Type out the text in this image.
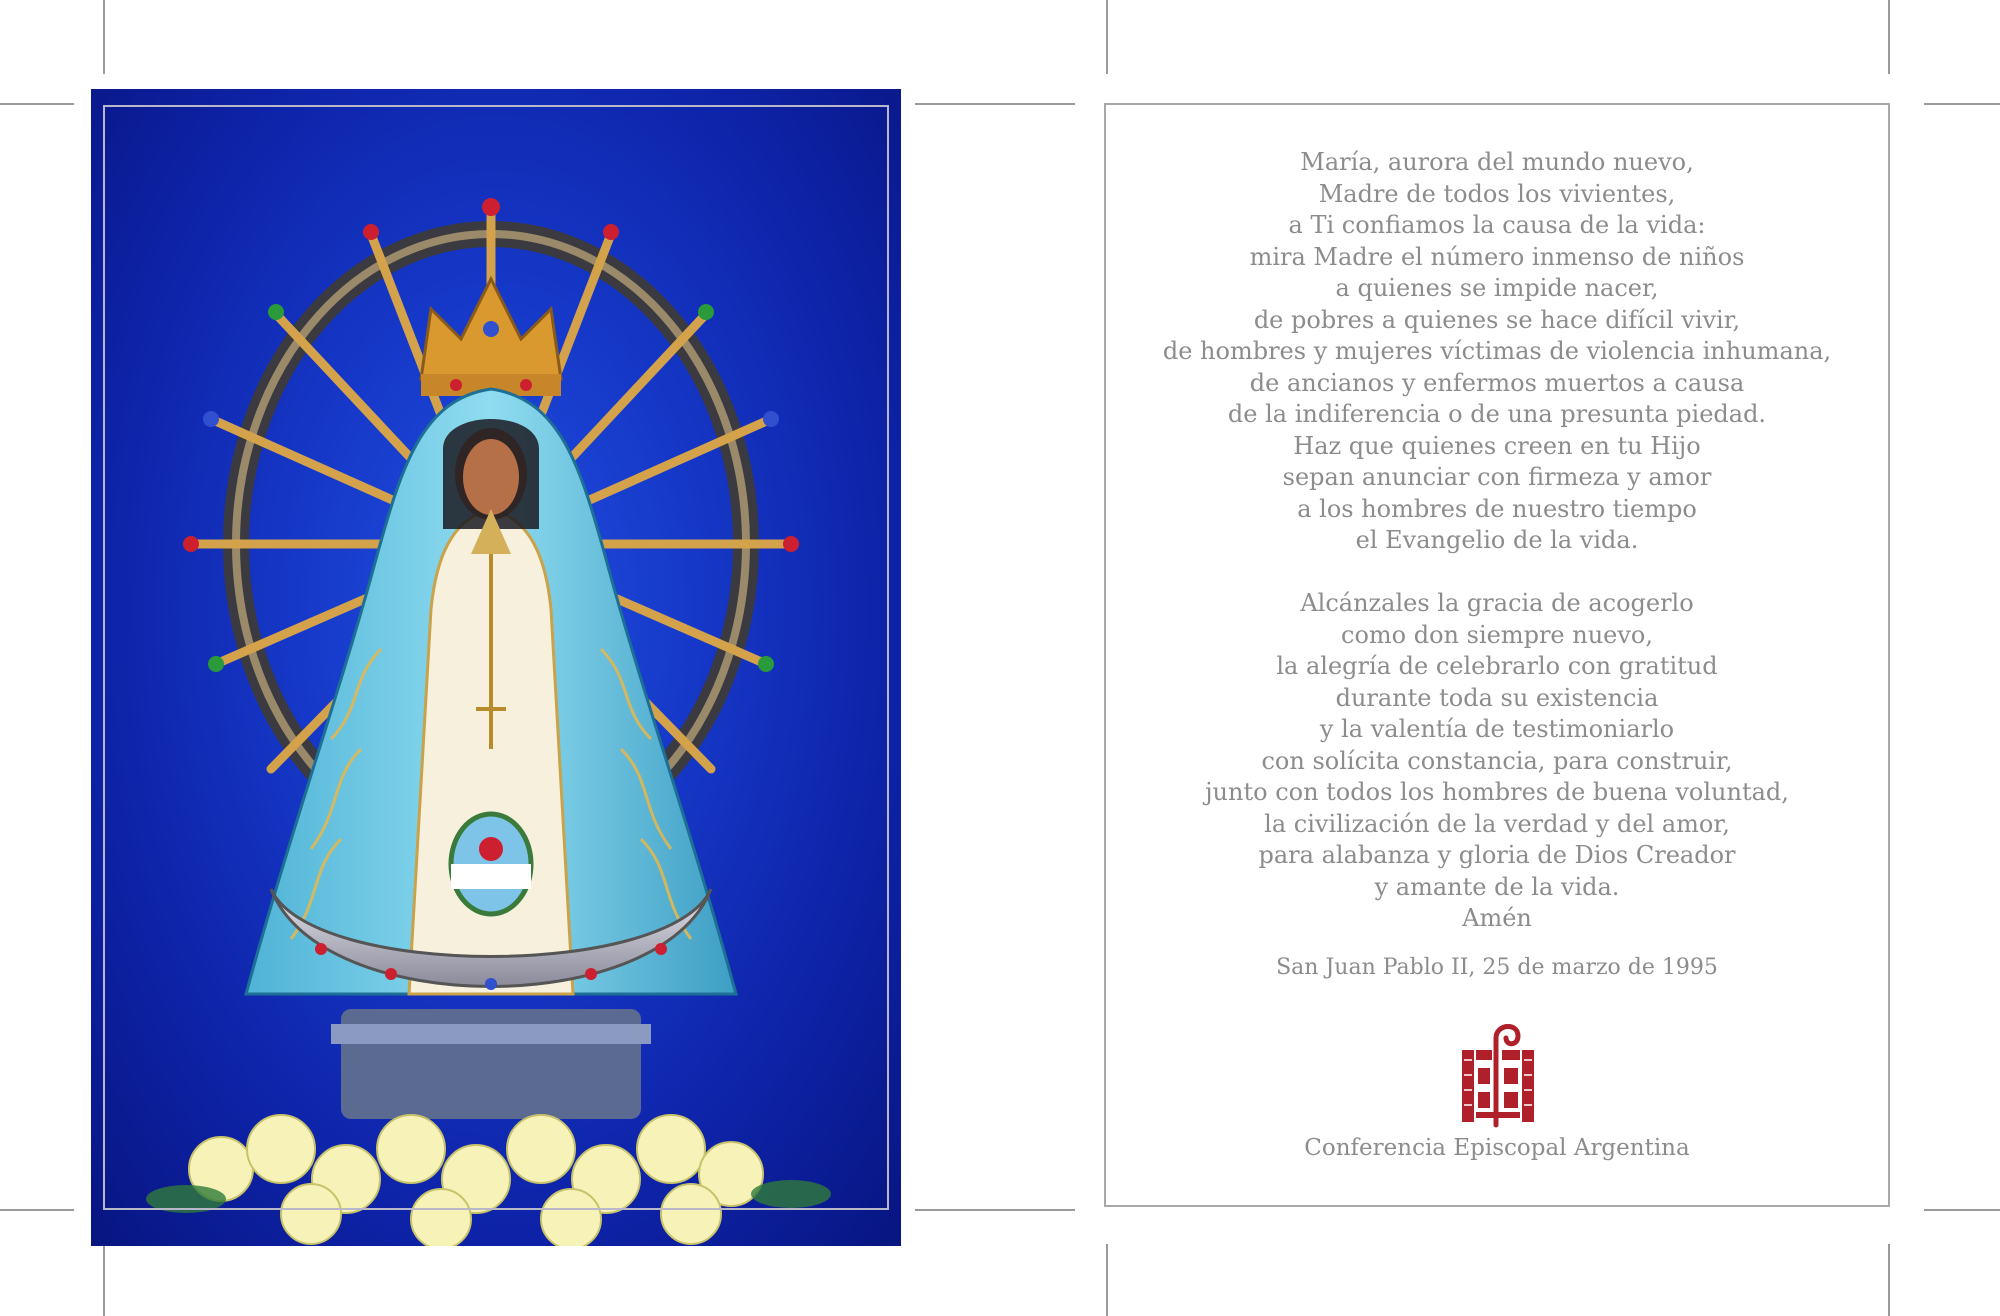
María, aurora del mundo nuevo,
Madre de todos los vivientes,
a Ti confiamos la causa de la vida:
mira Madre el número inmenso de niños
a quienes se impide nacer,
de pobres a quienes se hace difícil vivir,
de hombres y mujeres víctimas de violencia inhumana,
de ancianos y enfermos muertos a causa
de la indiferencia o de una presunta piedad.
Haz que quienes creen en tu Hijo
sepan anunciar con firmeza y amor
a los hombres de nuestro tiempo
el Evangelio de la vida.
Alcánzales la gracia de acogerlo
como don siempre nuevo,
la alegría de celebrarlo con gratitud
durante toda su existencia
y la valentía de testimoniarlo
con solícita constancia, para construir,
junto con todos los hombres de buena voluntad,
la civilización de la verdad y del amor,
para alabanza y gloria de Dios Creador
y amante de la vida.
Amén
San Juan Pablo II, 25 de marzo de 1995
Conferencia Episcopal Argentina
